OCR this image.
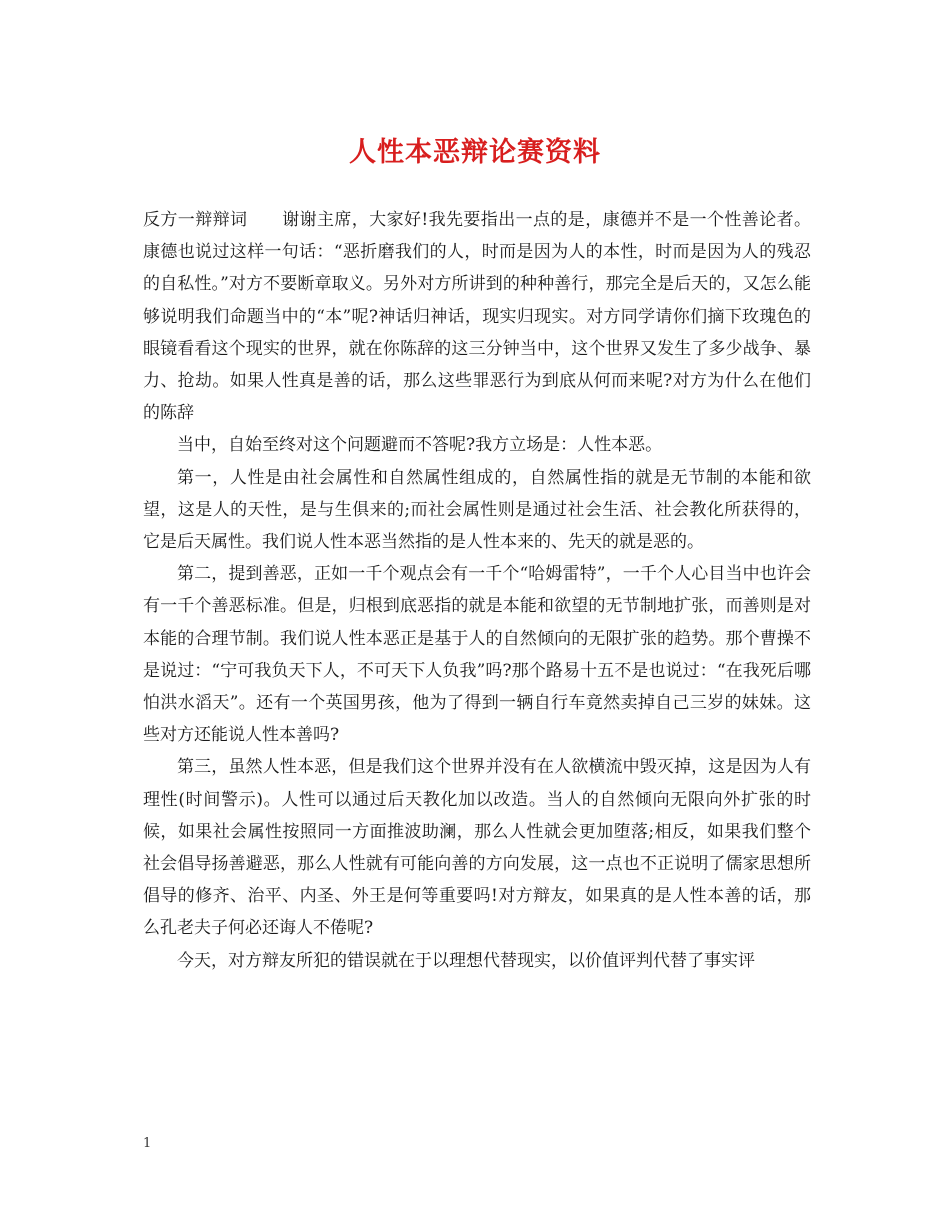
人性本恶辩论赛资料

反方一辩辩词　　谢谢主席，大家好!我先要指出一点的是，康德并不是一个性善论者。康德也说过这样一句话：“恶折磨我们的人，时而是因为人的本性，时而是因为人的残忍的自私性。”对方不要断章取义。另外对方所讲到的种种善行，那完全是后天的，又怎么能够说明我们命题当中的“本”呢?神话归神话，现实归现实。对方同学请你们摘下玫瑰色的眼镜看看这个现实的世界，就在你陈辞的这三分钟当中，这个世界又发生了多少战争、暴力、抢劫。如果人性真是善的话，那么这些罪恶行为到底从何而来呢?对方为什么在他们的陈辞

当中，自始至终对这个问题避而不答呢?我方立场是：人性本恶。

第一，人性是由社会属性和自然属性组成的，自然属性指的就是无节制的本能和欲望，这是人的天性，是与生俱来的;而社会属性则是通过社会生活、社会教化所获得的，它是后天属性。我们说人性本恶当然指的是人性本来的、先天的就是恶的。

第二，提到善恶，正如一千个观点会有一千个“哈姆雷特”，一千个人心目当中也许会有一千个善恶标准。但是，归根到底恶指的就是本能和欲望的无节制地扩张，而善则是对本能的合理节制。我们说人性本恶正是基于人的自然倾向的无限扩张的趋势。那个曹操不是说过：“宁可我负天下人，不可天下人负我”吗?那个路易十五不是也说过：“在我死后哪怕洪水滔天”。还有一个英国男孩，他为了得到一辆自行车竟然卖掉自己三岁的妹妹。这些对方还能说人性本善吗?

第三，虽然人性本恶，但是我们这个世界并没有在人欲横流中毁灭掉，这是因为人有理性(时间警示)。人性可以通过后天教化加以改造。当人的自然倾向无限向外扩张的时候，如果社会属性按照同一方面推波助澜，那么人性就会更加堕落;相反，如果我们整个社会倡导扬善避恶，那么人性就有可能向善的方向发展，这一点也不正说明了儒家思想所倡导的修齐、治平、内圣、外王是何等重要吗!对方辩友，如果真的是人性本善的话，那么孔老夫子何必还诲人不倦呢?

今天，对方辩友所犯的错误就在于以理想代替现实，以价值评判代替了事实评

1
